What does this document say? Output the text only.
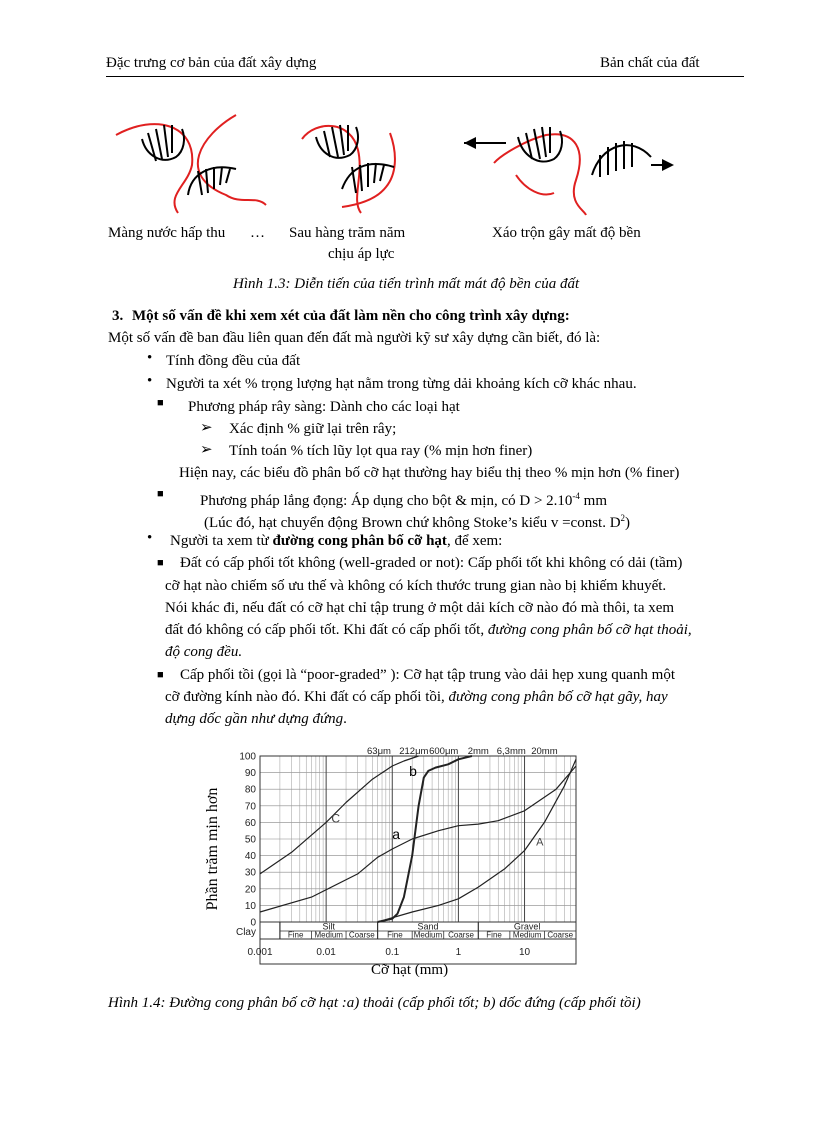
Đặc trưng cơ bản của đất xây dựng	Bản chất của đất
Màng nước hấp thu … Sau hàng trăm năm
chịu áp lực
Xáo trộn gây mất độ bền
Hình 1.3: Diễn tiến của tiến trình mất mát độ bền của đất
3. Một số vấn đề khi xem xét của đất làm nền cho công trình xây dựng:
Một số vấn đề ban đầu liên quan đến đất mà người kỹ sư xây dựng cần biết, đó là:
• Tính đồng đều của đất
• Người ta xét % trọng lượng hạt nằm trong từng dải khoảng kích cỡ khác nhau.
■ Phương pháp rây sàng: Dành cho các loại hạt
➢ Xác định % giữ lại trên rây;
➢ Tính toán % tích lũy lọt qua ray (% mịn hơn finer)
Hiện nay, các biểu đồ phân bố cỡ hạt thường hay biểu thị theo % mịn hơn (% finer)
■ Phương pháp lắng đọng: Áp dụng cho bột & mịn, có $D > 2.10^{-4}$ mm
(Lúc đó, hạt chuyển động Brown chứ không Stoke’s kiểu v =const. $D^2$)
• Người ta xem từ đường cong phân bố cỡ hạt, để xem:
■ Đất có cấp phối tốt không (well-graded or not): Cấp phối tốt khi không có dải (tầm)
cỡ hạt nào chiếm số ưu thế và không có kích thước trung gian nào bị khiếm khuyết.
Nói khác đi, nếu đất có cỡ hạt chỉ tập trung ở một dải kích cỡ nào đó mà thôi, ta xem
đất đó không có cấp phối tốt. Khi đất có cấp phối tốt, đường cong phân bố cỡ hạt thoải,
độ cong đều.
■ Cấp phối tồi (gọi là “poor-graded” ): Cỡ hạt tập trung vào dải hẹp xung quanh một
cỡ đường kính nào đó. Khi đất có cấp phối tồi, đường cong phân bố cỡ hạt gãy, hay
dựng dốc gần như dựng đứng.
Phần trăm mịn hơn
0
10
20
30
40
50
60
70
80
90
100	63μm 212μm 600μm 2mm 6,3mm 20mm
Clay
Silt	Sand	Gravel
Fine Medium Coarse Fine Medium Coarse Fine Medium Coarse
0.001	0.01	0.1	1	10
C
a
b
A
Cỡ hạt (mm)
Hình 1.4: Đường cong phân bố cỡ hạt :a) thoải (cấp phối tốt; b) dốc đứng (cấp phối tồi)
